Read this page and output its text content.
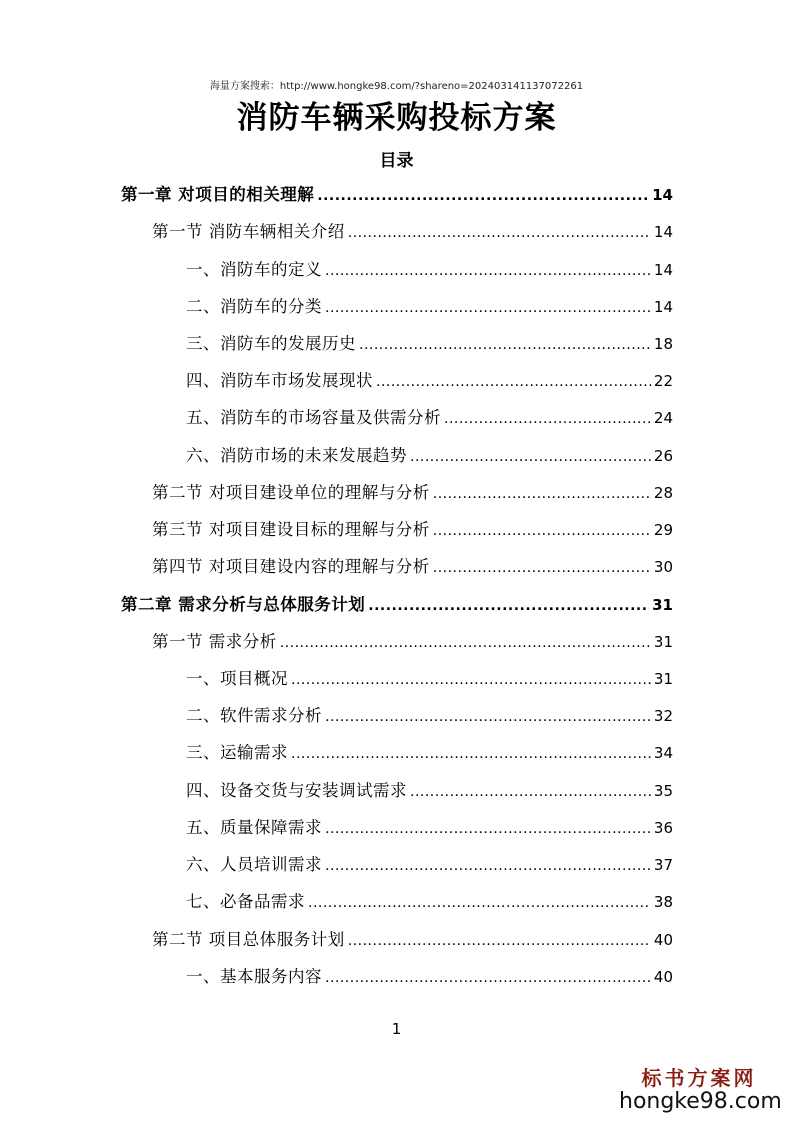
海量方案搜索：http://www.hongke98.com/?shareno=20240314113707226​1
消防车辆采购投标方案
目录
第一章 对项目的相关理解 .....	14
第一节 消防车辆相关介绍 .....	14
一、消防车的定义 .....	14
二、消防车的分类 .....	14
三、消防车的发展历史 .....	18
四、消防车市场发展现状 .....	22
五、消防车的市场容量及供需分析 .....	24
六、消防市场的未来发展趋势 .....	26
第二节 对项目建设单位的理解与分析 .....	28
第三节 对项目建设目标的理解与分析 .....	29
第四节 对项目建设内容的理解与分析 .....	30
第二章 需求分析与总体服务计划 .....	31
第一节 需求分析 .....	31
一、项目概况 .....	31
二、软件需求分析 .....	32
三、运输需求 .....	34
四、设备交货与安装调试需求 .....	35
五、质量保障需求 .....	36
六、人员培训需求 .....	37
七、必备品需求 .....	38
第二节 项目总体服务计划 .....	40
一、基本服务内容 .....	40
1
标书方案网
hongke98.com
